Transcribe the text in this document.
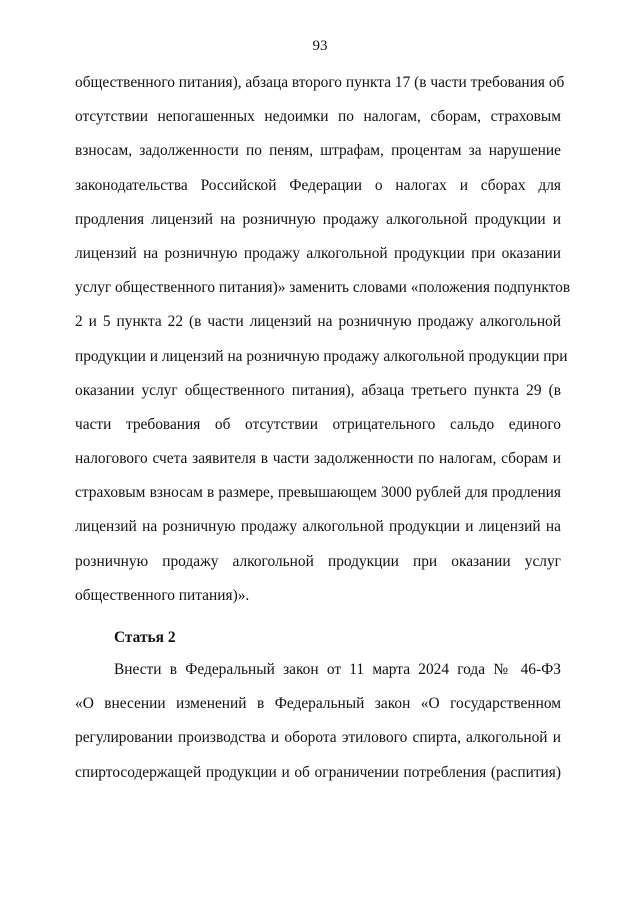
93
общественного питания), абзаца второго пункта 17 (в части требования об
отсутствии непогашенных недоимки по налогам, сборам, страховым
взносам, задолженности по пеням, штрафам, процентам за нарушение
законодательства Российской Федерации о налогах и сборах для
продления лицензий на розничную продажу алкогольной продукции и
лицензий на розничную продажу алкогольной продукции при оказании
услуг общественного питания)» заменить словами «положения подпунктов
2 и 5 пункта 22 (в части лицензий на розничную продажу алкогольной
продукции и лицензий на розничную продажу алкогольной продукции при
оказании услуг общественного питания), абзаца третьего пункта 29 (в
части требования об отсутствии отрицательного сальдо единого
налогового счета заявителя в части задолженности по налогам, сборам и
страховым взносам в размере, превышающем 3000 рублей для продления
лицензий на розничную продажу алкогольной продукции и лицензий на
розничную продажу алкогольной продукции при оказании услуг
общественного питания)».
Статья 2
Внести в Федеральный закон от 11 марта 2024 года № 46-ФЗ
«О внесении изменений в Федеральный закон «О государственном
регулировании производства и оборота этилового спирта, алкогольной и
спиртосодержащей продукции и об ограничении потребления (распития)
